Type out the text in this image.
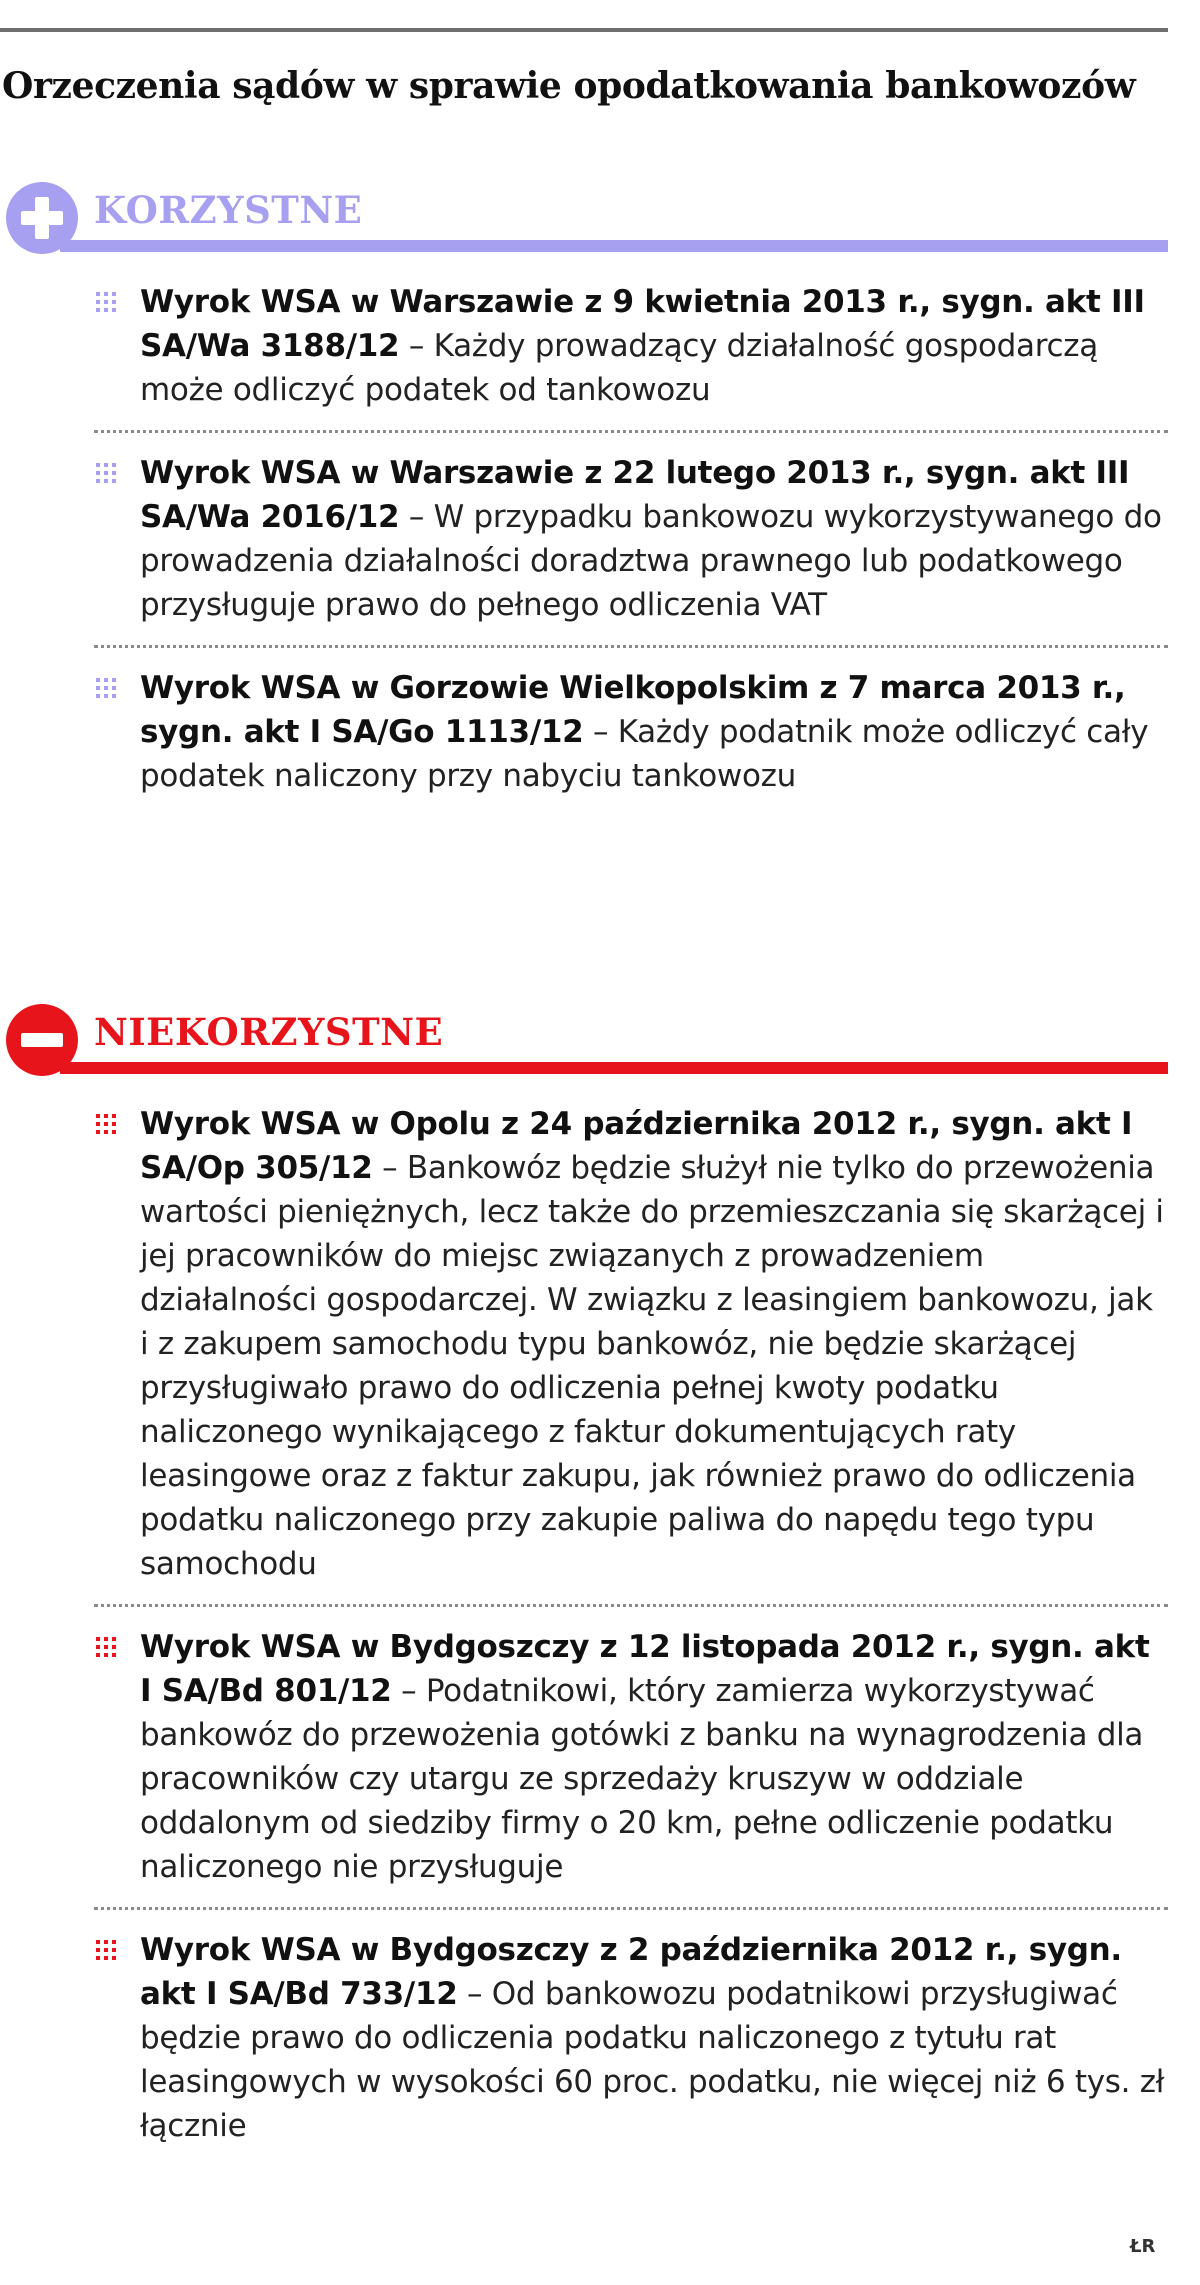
Orzeczenia sądów w sprawie opodatkowania bankowozów
KORZYSTNE
Wyrok WSA w Warszawie z 9 kwietnia 2013 r., sygn. akt III SA/Wa 3188/12 – Każdy prowadzący działalność gospodarczą może odliczyć podatek od tankowozu
Wyrok WSA w Warszawie z 22 lutego 2013 r., sygn. akt III SA/Wa 2016/12 – W przypadku bankowozu wykorzystywanego do prowadzenia działalności doradztwa prawnego lub podatkowego przysługuje prawo do pełnego odliczenia VAT
Wyrok WSA w Gorzowie Wielkopolskim z 7 marca 2013 r., sygn. akt I SA/Go 1113/12 – Każdy podatnik może odliczyć cały podatek naliczony przy nabyciu tankowozu
NIEKORZYSTNE
Wyrok WSA w Opolu z 24 października 2012 r., sygn. akt I SA/Op 305/12 – Bankowóz będzie służył nie tylko do przewożenia wartości pieniężnych, lecz także do przemieszczania się skarżącej i jej pracowników do miejsc związanych z prowadzeniem działalności gospodarczej. W związku z leasingiem bankowozu, jak i z zakupem samochodu typu bankowóz, nie będzie skarżącej przysługiwało prawo do odliczenia pełnej kwoty podatku naliczonego wynikającego z faktur dokumentujących raty leasingowe oraz z faktur zakupu, jak również prawo do odliczenia podatku naliczonego przy zakupie paliwa do napędu tego typu samochodu
Wyrok WSA w Bydgoszczy z 12 listopada 2012 r., sygn. akt I SA/Bd 801/12 – Podatnikowi, który zamierza wykorzystywać bankowóz do przewożenia gotówki z banku na wynagrodzenia dla pracowników czy utargu ze sprzedaży kruszyw w oddziale oddalonym od siedziby firmy o 20 km, pełne odliczenie podatku naliczonego nie przysługuje
Wyrok WSA w Bydgoszczy z 2 października 2012 r., sygn. akt I SA/Bd 733/12 – Od bankowozu podatnikowi przysługiwać będzie prawo do odliczenia podatku naliczonego z tytułu rat leasingowych w wysokości 60 proc. podatku, nie więcej niż 6 tys. zł łącznie
ŁR
